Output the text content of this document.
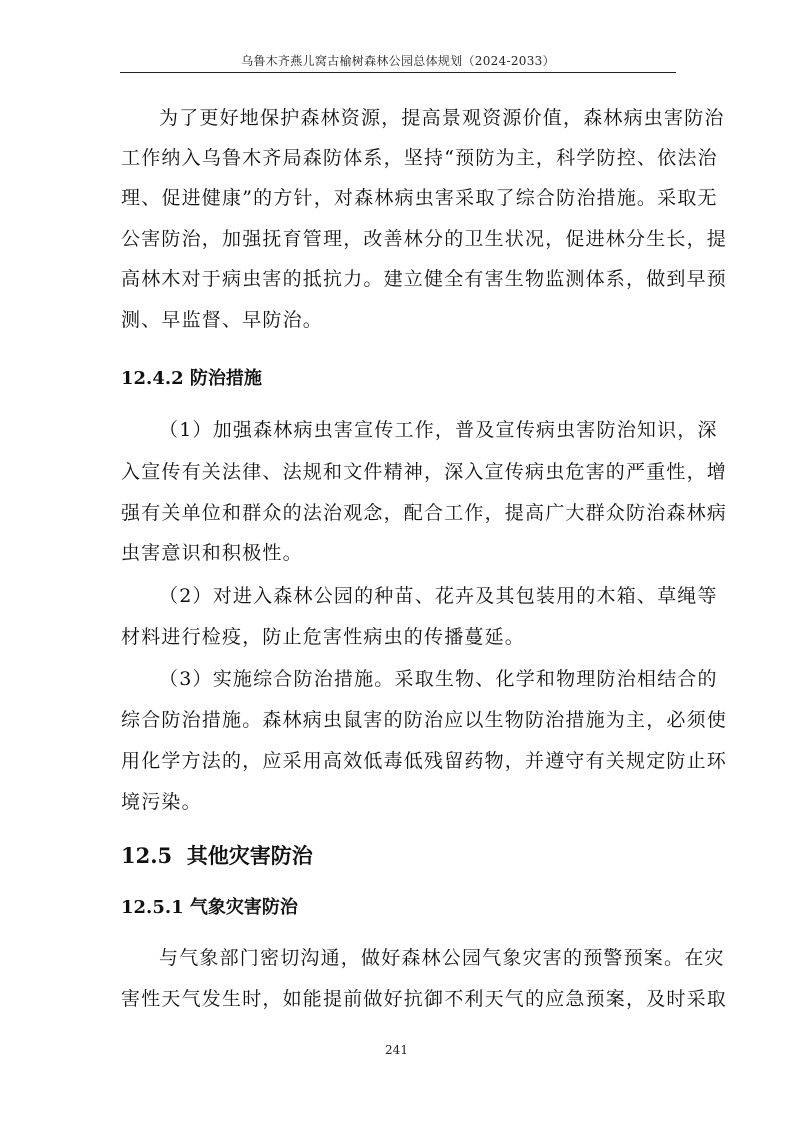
乌鲁木齐燕儿窝古榆树森林公园总体规划（2024-2033）
为了更好地保护森林资源，提高景观资源价值，森林病虫害防治
工作纳入乌鲁木齐局森防体系，坚持“预防为主，科学防控、依法治
理、促进健康”的方针，对森林病虫害采取了综合防治措施。采取无
公害防治，加强抚育管理，改善林分的卫生状况，促进林分生长，提
高林木对于病虫害的抵抗力。建立健全有害生物监测体系，做到早预
测、早监督、早防治。
12.4.2 防治措施
（1）加强森林病虫害宣传工作，普及宣传病虫害防治知识，深
入宣传有关法律、法规和文件精神，深入宣传病虫危害的严重性，增
强有关单位和群众的法治观念，配合工作，提高广大群众防治森林病
虫害意识和积极性。
（2）对进入森林公园的种苗、花卉及其包装用的木箱、草绳等
材料进行检疫，防止危害性病虫的传播蔓延。
（3）实施综合防治措施。采取生物、化学和物理防治相结合的
综合防治措施。森林病虫鼠害的防治应以生物防治措施为主，必须使
用化学方法的，应采用高效低毒低残留药物，并遵守有关规定防止环
境污染。
12.5  其他灾害防治
12.5.1 气象灾害防治
与气象部门密切沟通，做好森林公园气象灾害的预警预案。在灾
害性天气发生时，如能提前做好抗御不利天气的应急预案，及时采取
241
